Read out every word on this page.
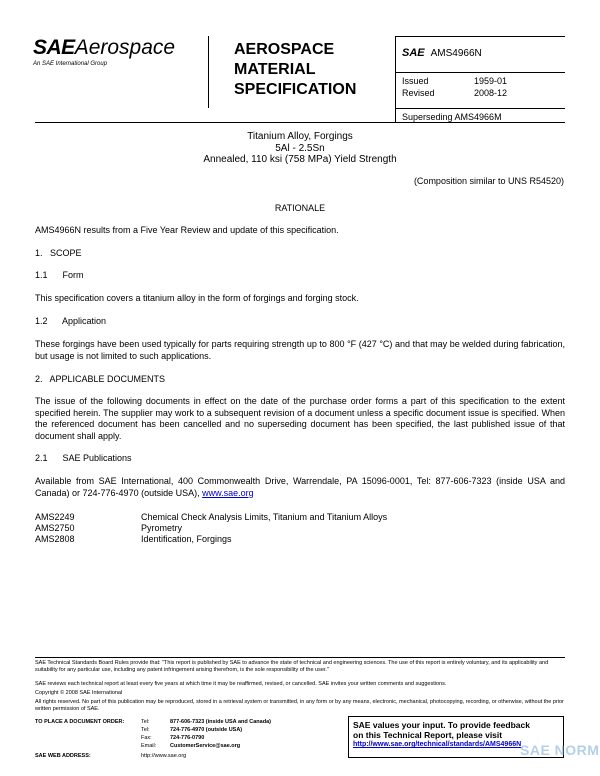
SAEAerospace
An SAE International Group
AEROSPACE
MATERIAL
SPECIFICATION
SAE AMS4966N
Issued	1959-01
Revised	2008-12
Superseding AMS4966M
Titanium Alloy, Forgings
5Al - 2.5Sn
Annealed, 110 ksi (758 MPa) Yield Strength
(Composition similar to UNS R54520)
RATIONALE
AMS4966N results from a Five Year Review and update of this specification.
1.   SCOPE
1.1      Form
This specification covers a titanium alloy in the form of forgings and forging stock.
1.2      Application
These forgings have been used typically for parts requiring strength up to 800 °F (427 °C) and that may be welded during fabrication, but usage is not limited to such applications.
2.   APPLICABLE DOCUMENTS
The issue of the following documents in effect on the date of the purchase order forms a part of this specification to the extent specified herein. The supplier may work to a subsequent revision of a document unless a specific document issue is specified. When the referenced document has been cancelled and no superseding document has been specified, the last published issue of that document shall apply.
2.1      SAE Publications
Available from SAE International, 400 Commonwealth Drive, Warrendale, PA 15096-0001, Tel: 877-606-7323 (inside USA and Canada) or 724-776-4970 (outside USA), www.sae.org
AMS2249	Chemical Check Analysis Limits, Titanium and Titanium Alloys
AMS2750	Pyrometry
AMS2808	Identification, Forgings
SAE Technical Standards Board Rules provide that: "This report is published by SAE to advance the state of technical and engineering sciences. The use of this report is entirely voluntary, and its applicability and suitability for any particular use, including any patent infringement arising therefrom, is the sole responsibility of the user."
SAE reviews each technical report at least every five years at which time it may be reaffirmed, revised, or cancelled. SAE invites your written comments and suggestions.
Copyright © 2008 SAE International
All rights reserved. No part of this publication may be reproduced, stored in a retrieval system or transmitted, in any form or by any means, electronic, mechanical, photocopying, recording, or otherwise, without the prior written permission of SAE.
TO PLACE A DOCUMENT ORDER:	Tel:	877-606-7323 (inside USA and Canada)
Tel:	724-776-4970 (outside USA)
Fax:	724-776-0790
Email: CustomerService@sae.org
SAE WEB ADDRESS:	http://www.sae.org
SAE values your input. To provide feedback
on this Technical Report, please visit
http://www.sae.org/technical/standards/AMS4966N
SAE NORM
